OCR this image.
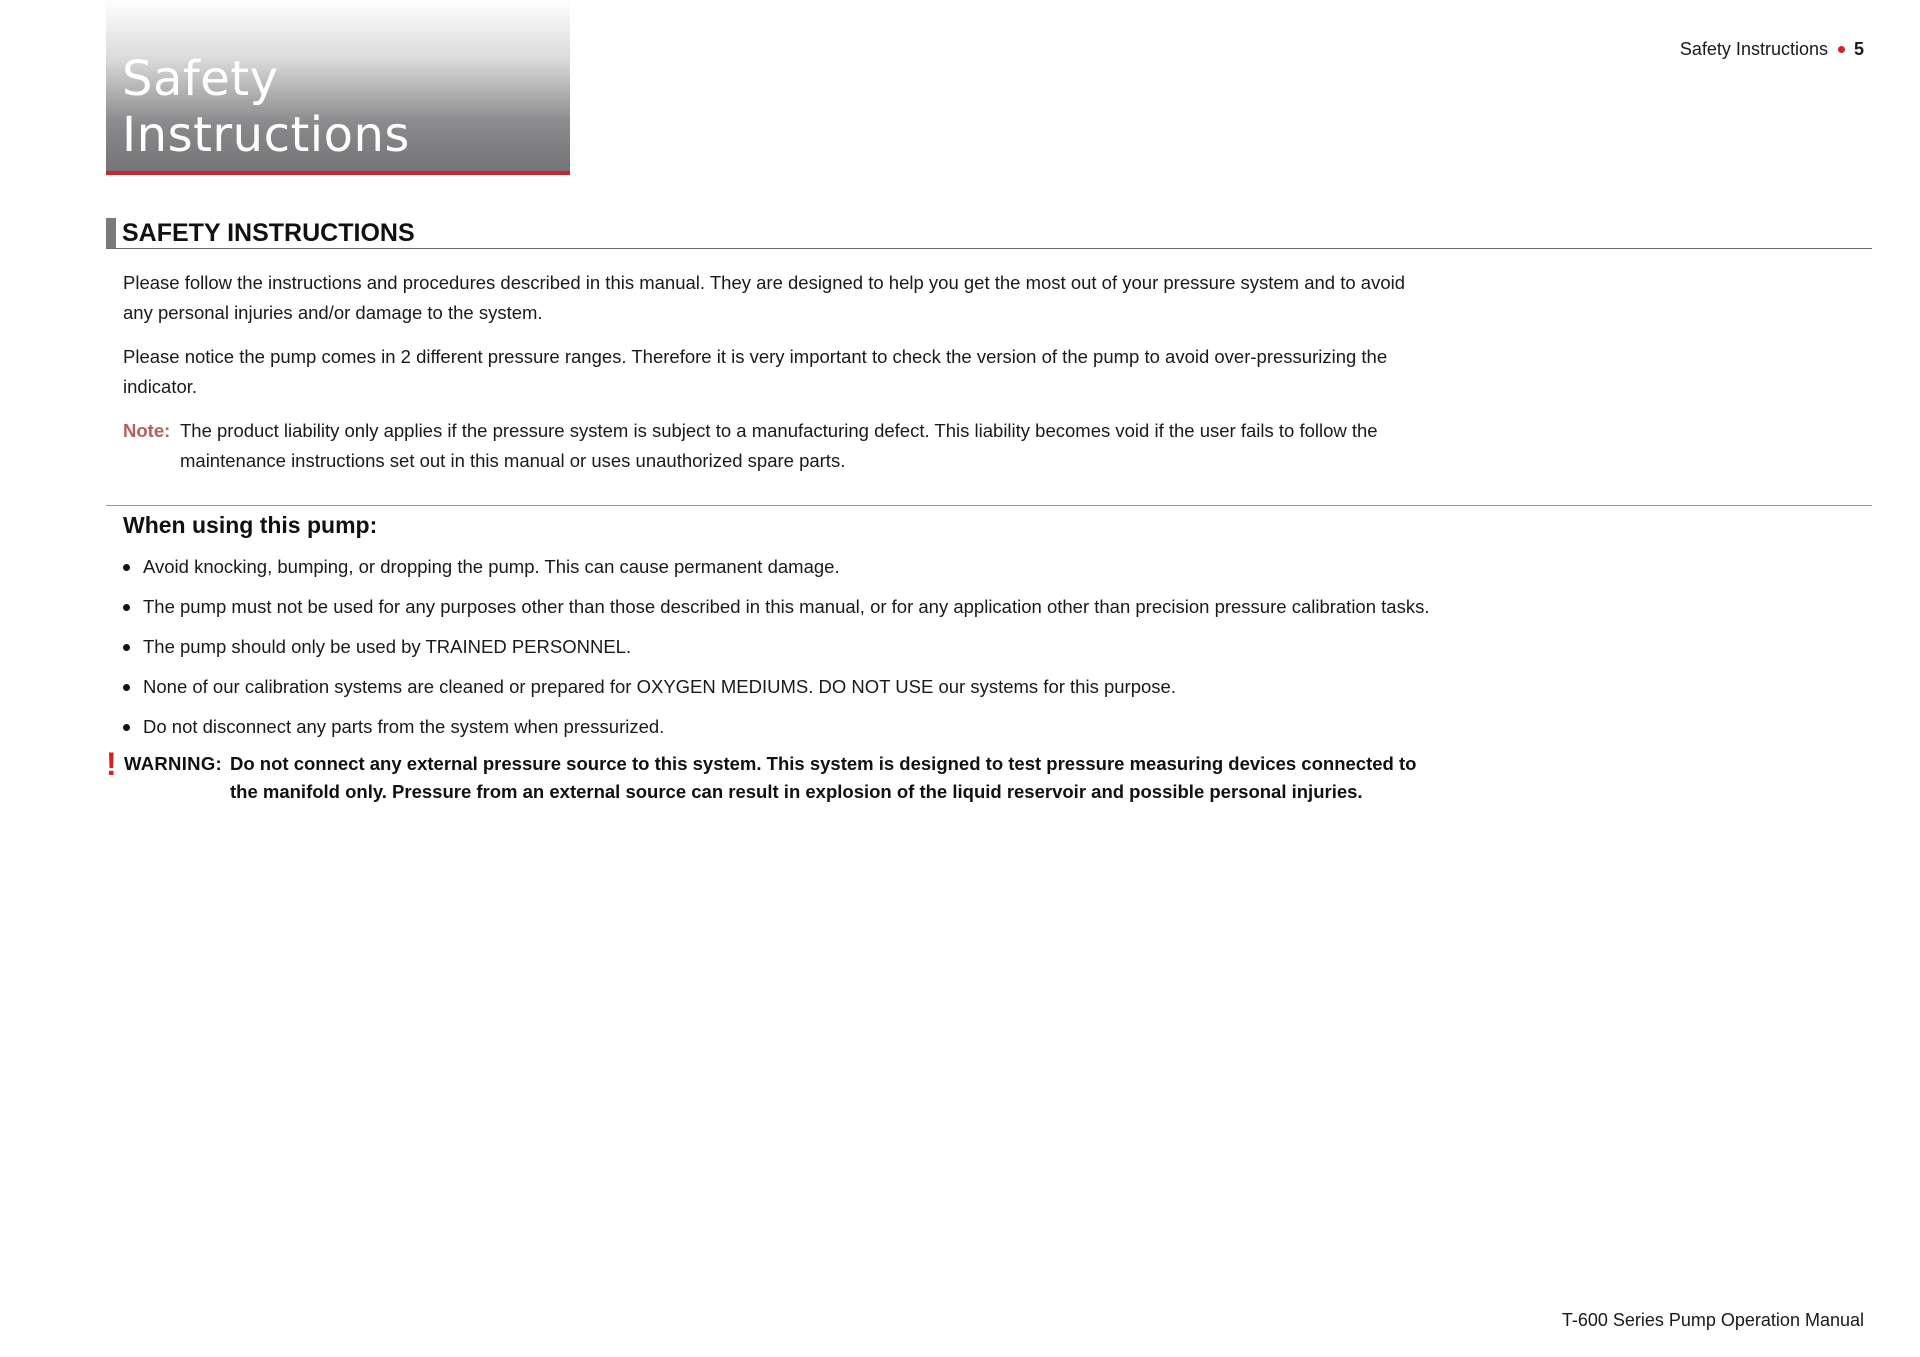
Safety Instructions
Safety Instructions 5
SAFETY INSTRUCTIONS

Please follow the instructions and procedures described in this manual. They are designed to help you get the most out of your pressure system and to avoid any personal injuries and/or damage to the system.

Please notice the pump comes in 2 different pressure ranges. Therefore it is very important to check the version of the pump to avoid over-pressurizing the indicator.

Note: The product liability only applies if the pressure system is subject to a manufacturing defect. This liability becomes void if the user fails to follow the maintenance instructions set out in this manual or uses unauthorized spare parts.
When using this pump:
Avoid knocking, bumping, or dropping the pump. This can cause permanent damage.
The pump must not be used for any purposes other than those described in this manual, or for any application other than precision pressure calibration tasks.
The pump should only be used by TRAINED PERSONNEL.
None of our calibration systems are cleaned or prepared for OXYGEN MEDIUMS. DO NOT USE our systems for this purpose.
Do not disconnect any parts from the system when pressurized.
! WARNING: Do not connect any external pressure source to this system. This system is designed to test pressure measuring devices connected to the manifold only. Pressure from an external source can result in explosion of the liquid reservoir and possible personal injuries.
T-600 Series Pump Operation Manual
